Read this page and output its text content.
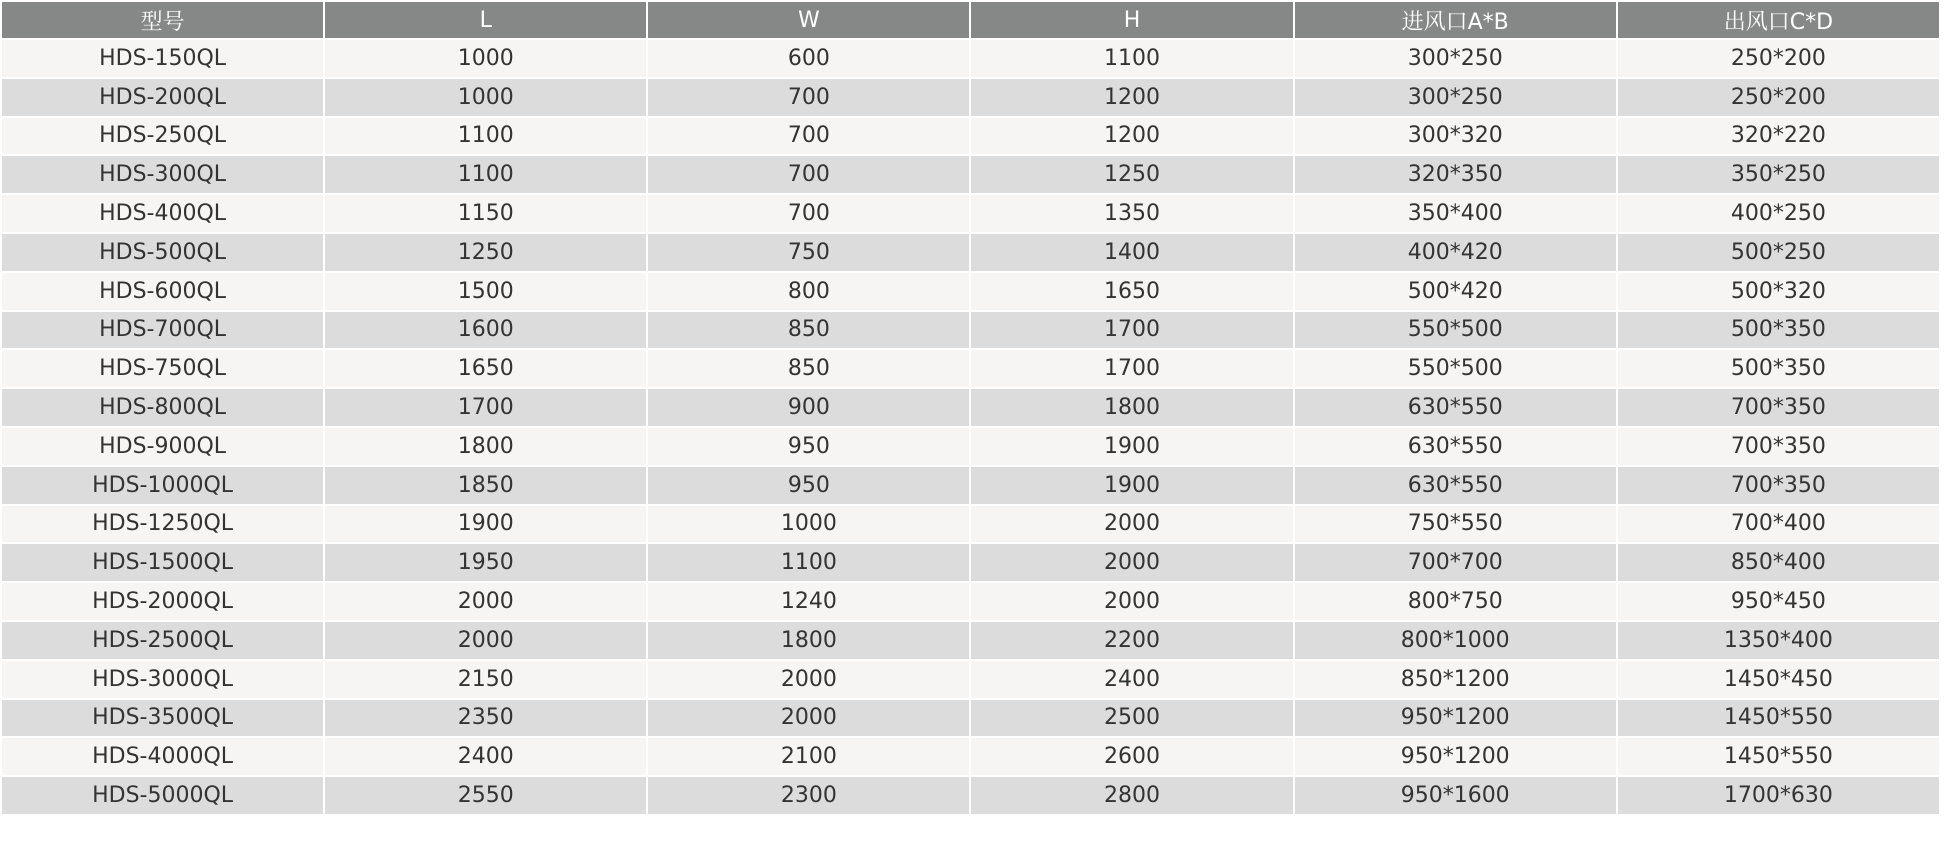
型号	L	W	H	进风口A*B	出风口C*D
HDS-150QL	1000	600	1100	300*250	250*200
HDS-200QL	1000	700	1200	300*250	250*200
HDS-250QL	1100	700	1200	300*320	320*220
HDS-300QL	1100	700	1250	320*350	350*250
HDS-400QL	1150	700	1350	350*400	400*250
HDS-500QL	1250	750	1400	400*420	500*250
HDS-600QL	1500	800	1650	500*420	500*320
HDS-700QL	1600	850	1700	550*500	500*350
HDS-750QL	1650	850	1700	550*500	500*350
HDS-800QL	1700	900	1800	630*550	700*350
HDS-900QL	1800	950	1900	630*550	700*350
HDS-1000QL	1850	950	1900	630*550	700*350
HDS-1250QL	1900	1000	2000	750*550	700*400
HDS-1500QL	1950	1100	2000	700*700	850*400
HDS-2000QL	2000	1240	2000	800*750	950*450
HDS-2500QL	2000	1800	2200	800*1000	1350*400
HDS-3000QL	2150	2000	2400	850*1200	1450*450
HDS-3500QL	2350	2000	2500	950*1200	1450*550
HDS-4000QL	2400	2100	2600	950*1200	1450*550
HDS-5000QL	2550	2300	2800	950*1600	1700*630
